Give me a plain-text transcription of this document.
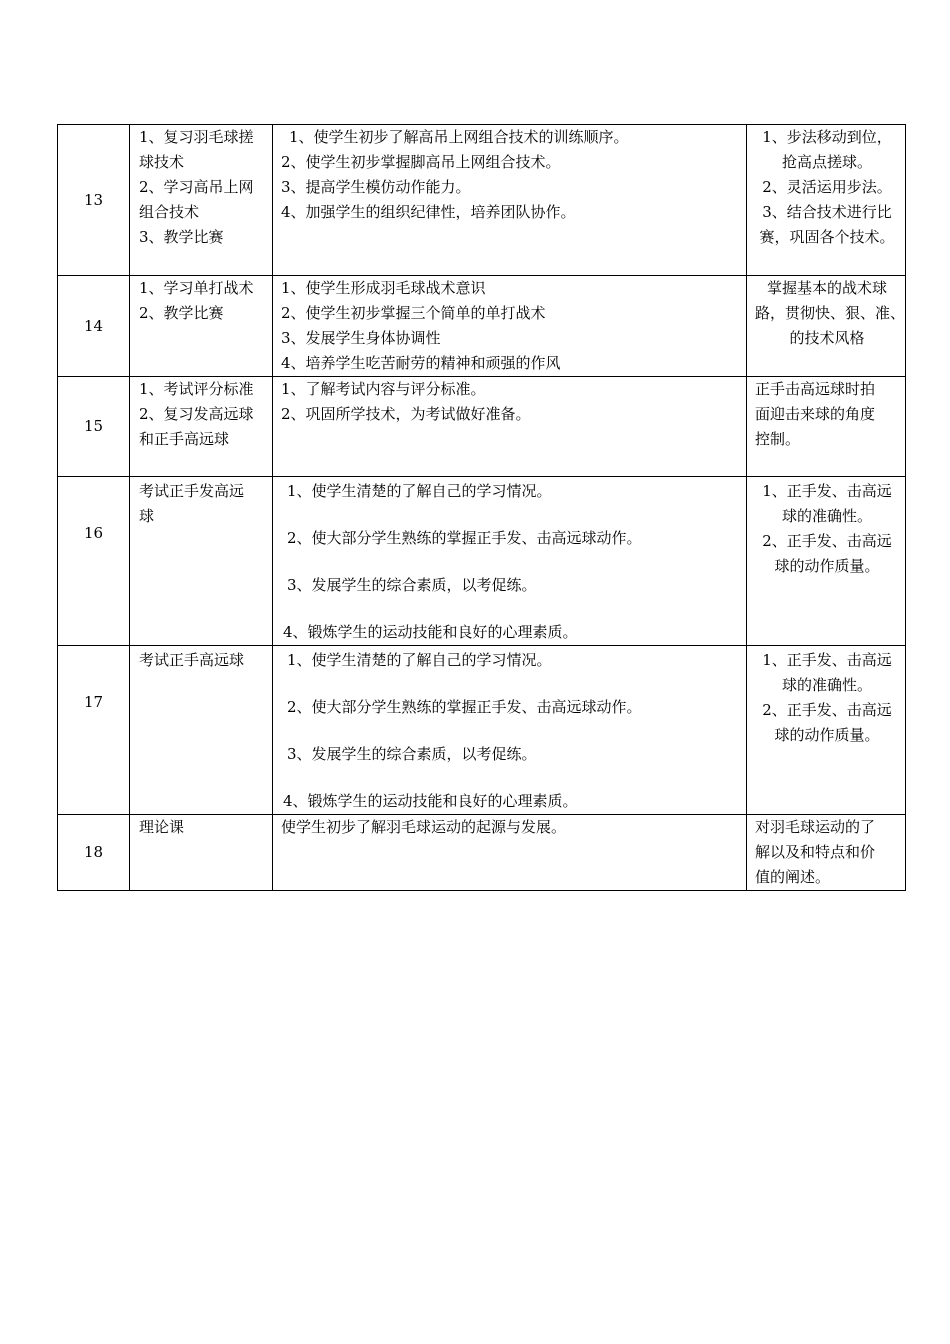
13	1、复习羽毛球搓
球技术
2、学习高吊上网
组合技术
3、教学比赛	1、使学生初步了解高吊上网组合技术的训练顺序。
2、使学生初步掌握脚高吊上网组合技术。
3、提高学生模仿动作能力。
4、加强学生的组织纪律性，培养团队协作。	1、步法移动到位，
抢高点搓球。
2、灵活运用步法。
3、结合技术进行比
赛，巩固各个技术。

14	1、学习单打战术
2、教学比赛	1、使学生形成羽毛球战术意识
2、使学生初步掌握三个简单的单打战术
3、发展学生身体协调性
4、培养学生吃苦耐劳的精神和顽强的作风	掌握基本的战术球
路，贯彻快、狠、准、
的技术风格

15	1、考试评分标准
2、复习发高远球
和正手高远球	1、了解考试内容与评分标准。
2、巩固所学技术，为考试做好准备。	正手击高远球时拍
面迎击来球的角度
控制。

16	考试正手发高远
球	1、使学生清楚的了解自己的学习情况。
2、使大部分学生熟练的掌握正手发、击高远球动作。
3、发展学生的综合素质，以考促练。
4、锻炼学生的运动技能和良好的心理素质。	1、正手发、击高远
球的准确性。
2、正手发、击高远
球的动作质量。

17	考试正手高远球	1、使学生清楚的了解自己的学习情况。
2、使大部分学生熟练的掌握正手发、击高远球动作。
3、发展学生的综合素质，以考促练。
4、锻炼学生的运动技能和良好的心理素质。	1、正手发、击高远
球的准确性。
2、正手发、击高远
球的动作质量。

18	理论课	使学生初步了解羽毛球运动的起源与发展。	对羽毛球运动的了
解以及和特点和价
值的阐述。
